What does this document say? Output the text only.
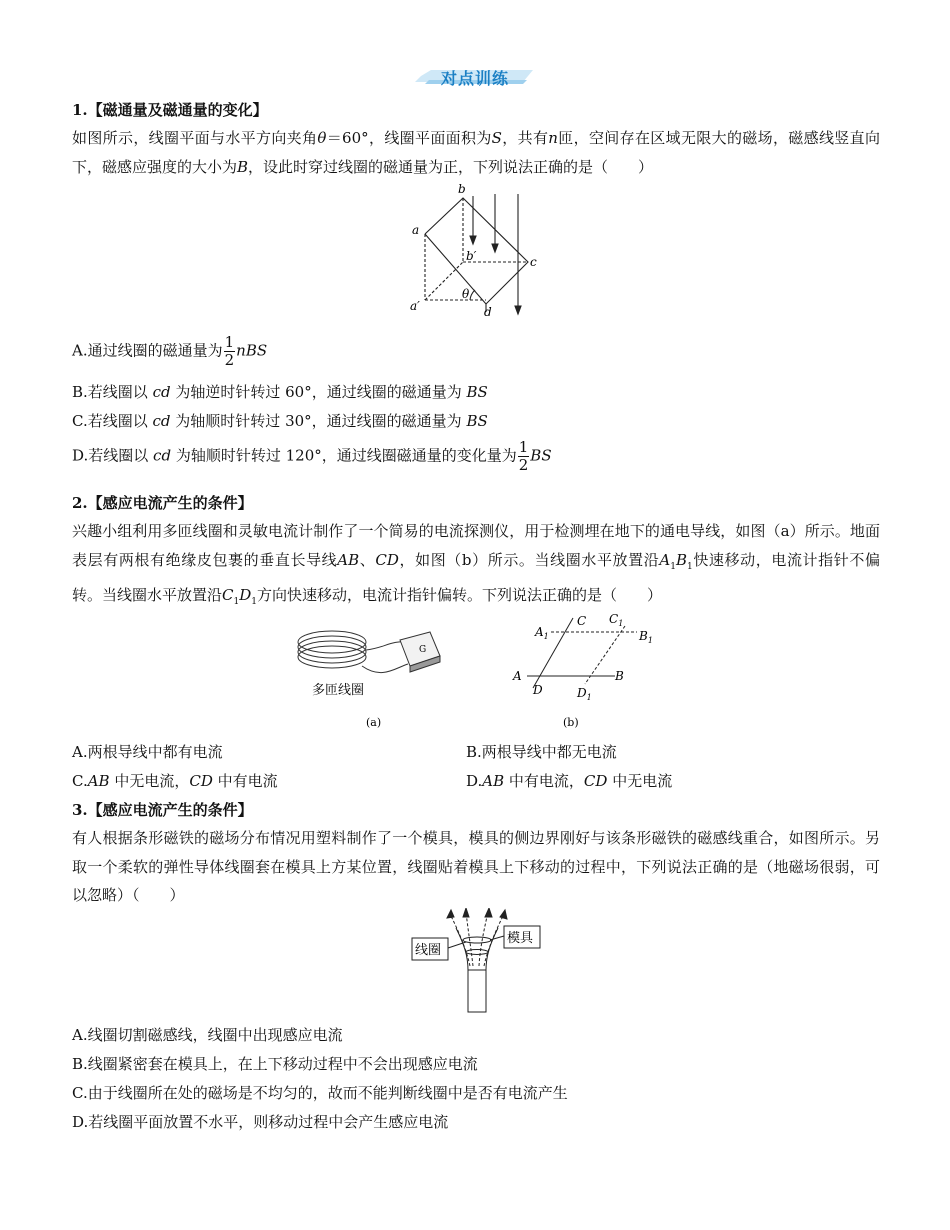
对点训练
1.【磁通量及磁通量的变化】
如图所示，线圈平面与水平方向夹角θ＝60°，线圈平面面积为S，共有n匝，空间存在区域无限大的磁场，磁感线竖直向下，磁感应强度的大小为B，设此时穿过线圈的磁通量为正，下列说法正确的是（　　）
a
b
b′	c
a′
θ
d
A.通过线圈的磁通量为 $\frac{1}{2}$ nBS
B.若线圈以 cd 为轴逆时针转过 60°，通过线圈的磁通量为 BS
C.若线圈以 cd 为轴顺时针转过 30°，通过线圈的磁通量为 BS
D.若线圈以 cd 为轴顺时针转过 120°，通过线圈磁通量的变化量为 $\frac{1}{2}$ BS
2.【感应电流产生的条件】
兴趣小组利用多匝线圈和灵敏电流计制作了一个简易的电流探测仪，用于检测埋在地下的通电导线，如图（a）所示。地面表层有两根有绝缘皮包裹的垂直长导线AB、CD，如图（b）所示。当线圈水平放置沿$A_1B_1$快速移动，电流计指针不偏转。当线圈水平放置沿$C_1D_1$方向快速移动，电流计指针偏转。下列说法正确的是（　　）
G
多匝线圈
(a)
$A_1$
C $C_1$
$B_1$
A
D	$D_1$
B
(b)
A.两根导线中都有电流	B.两根导线中都无电流
C.AB 中无电流，CD 中有电流	D.AB 中有电流，CD 中无电流
3.【感应电流产生的条件】
有人根据条形磁铁的磁场分布情况用塑料制作了一个模具，模具的侧边界刚好与该条形磁铁的磁感线重合，如图所示。另取一个柔软的弹性导体线圈套在模具上方某位置，线圈贴着模具上下移动的过程中，下列说法正确的是（地磁场很弱，可以忽略）（　　）
线圈
模具
A.线圈切割磁感线，线圈中出现感应电流
B.线圈紧密套在模具上，在上下移动过程中不会出现感应电流
C.由于线圈所在处的磁场是不均匀的，故而不能判断线圈中是否有电流产生
D.若线圈平面放置不水平，则移动过程中会产生感应电流
